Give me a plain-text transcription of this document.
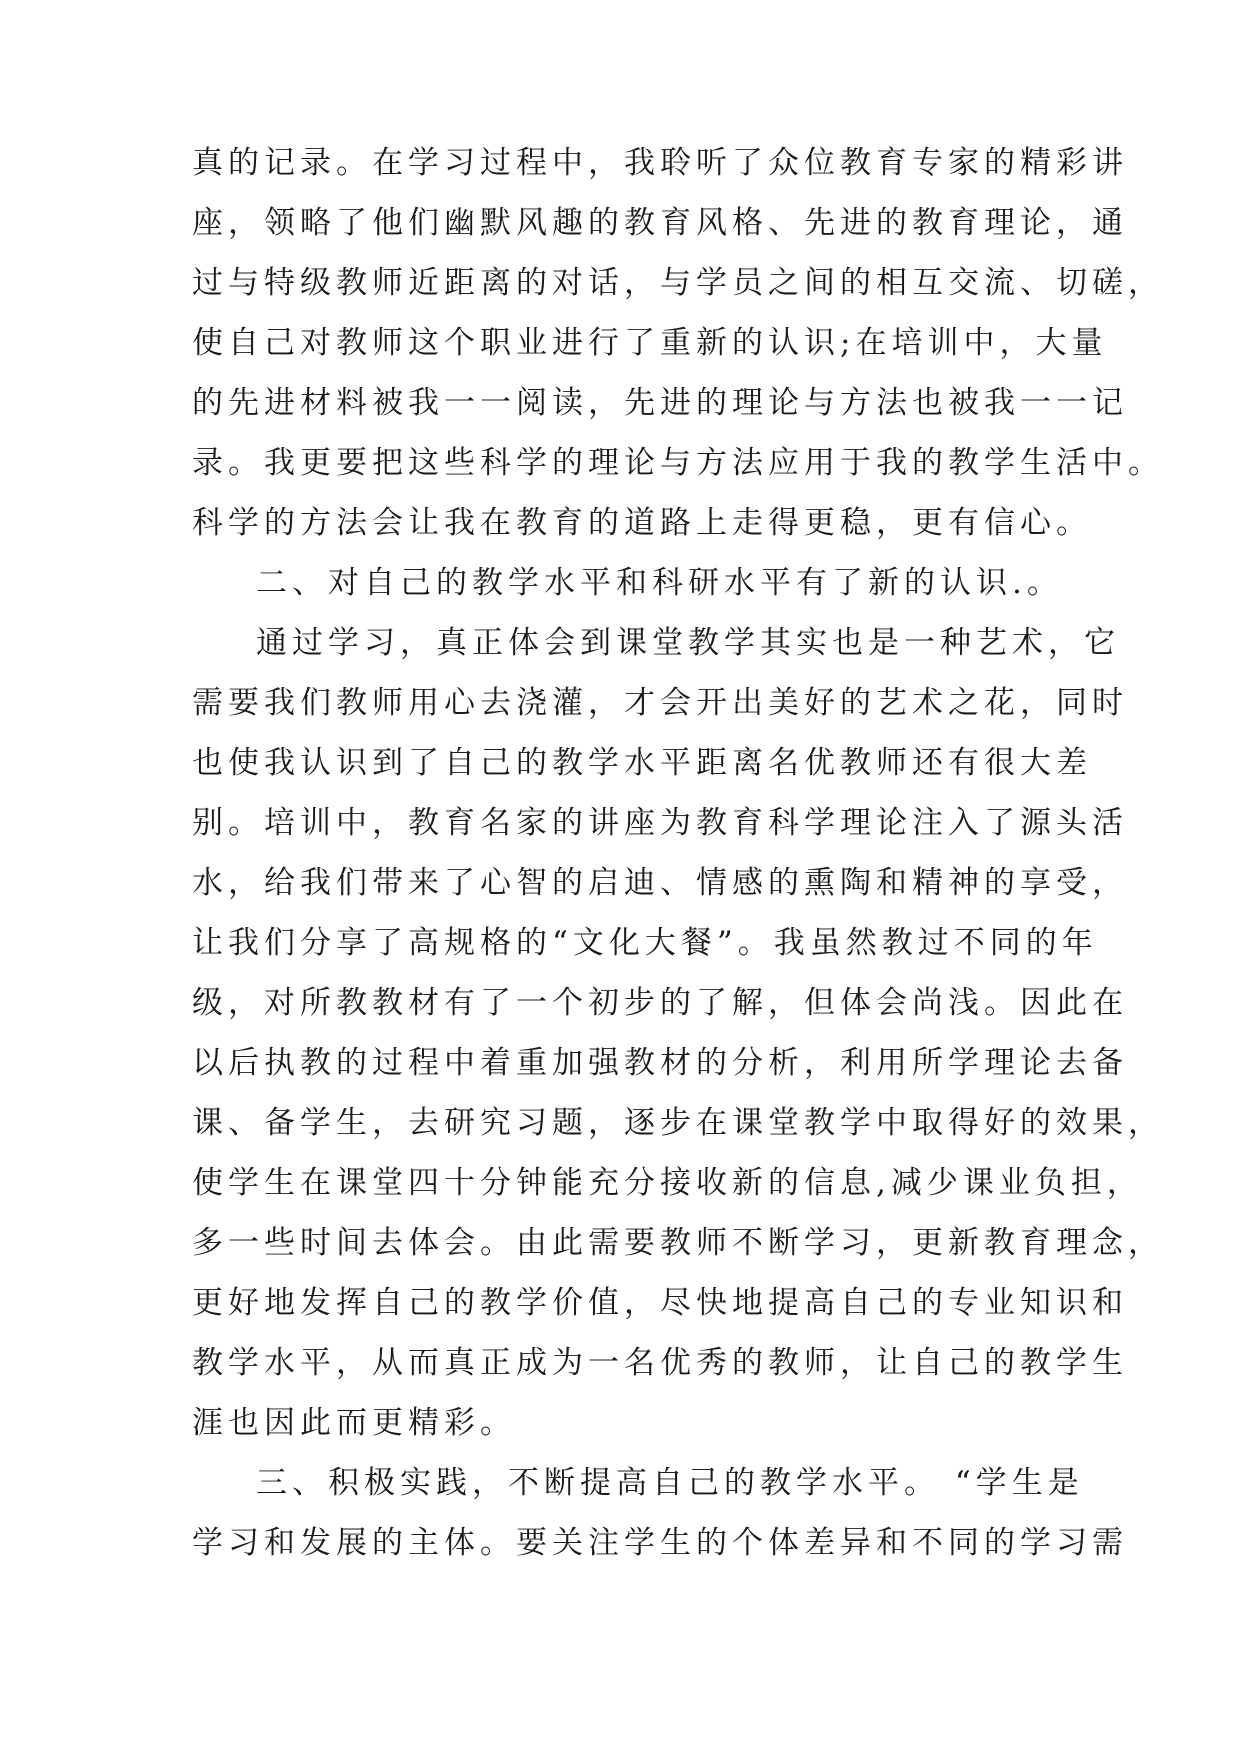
真的记录。在学习过程中，我聆听了众位教育专家的精彩讲
座，领略了他们幽默风趣的教育风格、先进的教育理论，通
过与特级教师近距离的对话，与学员之间的相互交流、切磋，
使自己对教师这个职业进行了重新的认识;在培训中，大量
的先进材料被我一一阅读，先进的理论与方法也被我一一记
录。我更要把这些科学的理论与方法应用于我的教学生活中。
科学的方法会让我在教育的道路上走得更稳，更有信心。
二、对自己的教学水平和科研水平有了新的认识.。
通过学习，真正体会到课堂教学其实也是一种艺术，它
需要我们教师用心去浇灌，才会开出美好的艺术之花，同时
也使我认识到了自己的教学水平距离名优教师还有很大差
别。培训中，教育名家的讲座为教育科学理论注入了源头活
水，给我们带来了心智的启迪、情感的熏陶和精神的享受，
让我们分享了高规格的“文化大餐”。我虽然教过不同的年
级，对所教教材有了一个初步的了解，但体会尚浅。因此在
以后执教的过程中着重加强教材的分析，利用所学理论去备
课、备学生，去研究习题，逐步在课堂教学中取得好的效果，
使学生在课堂四十分钟能充分接收新的信息,减少课业负担，
多一些时间去体会。由此需要教师不断学习，更新教育理念，
更好地发挥自己的教学价值，尽快地提高自己的专业知识和
教学水平，从而真正成为一名优秀的教师，让自己的教学生
涯也因此而更精彩。
三、积极实践，不断提高自己的教学水平。 “学生是
学习和发展的主体。要关注学生的个体差异和不同的学习需
